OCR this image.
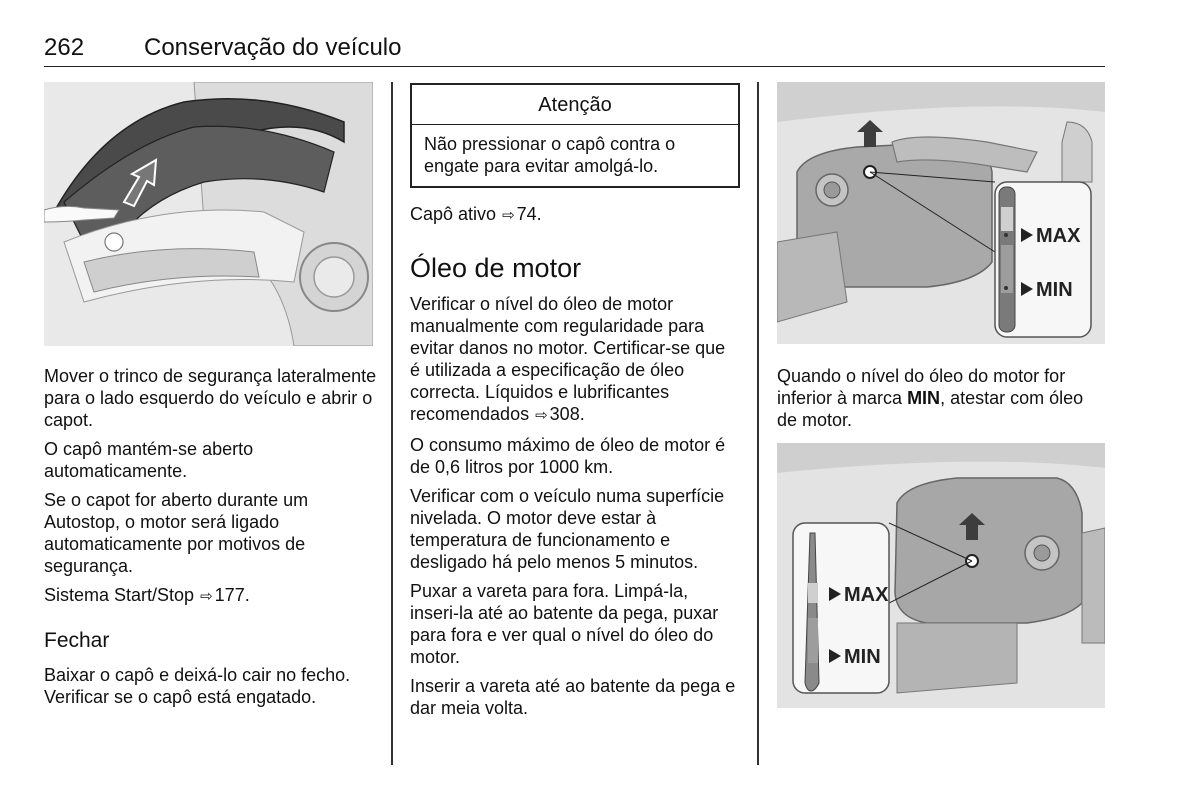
262 Conservação do veículo

Mover o trinco de segurança lateralmente para o lado esquerdo do veículo e abrir o capot.

O capô mantém-se aberto automaticamente.

Se o capot for aberto durante um Autostop, o motor será ligado automaticamente por motivos de segurança.

Sistema Start/Stop ⇨ 177.

Fechar

Baixar o capô e deixá-lo cair no fecho. Verificar se o capô está engatado.

Atenção
Não pressionar o capô contra o engate para evitar amolgá-lo.

Capô ativo ⇨ 74.

Óleo de motor

Verificar o nível do óleo de motor manualmente com regularidade para evitar danos no motor. Certificar-se que é utilizada a especificação de óleo correcta. Líquidos e lubrificantes recomendados ⇨ 308.

O consumo máximo de óleo de motor é de 0,6 litros por 1000 km.

Verificar com o veículo numa superfície nivelada. O motor deve estar à temperatura de funcionamento e desligado há pelo menos 5 minutos.

Puxar a vareta para fora. Limpá-la, inseri-la até ao batente da pega, puxar para fora e ver qual o nível do óleo do motor.

Inserir a vareta até ao batente da pega e dar meia volta.

MAX
MIN

Quando o nível do óleo do motor for inferior à marca MIN, atestar com óleo de motor.

MAX
MIN
